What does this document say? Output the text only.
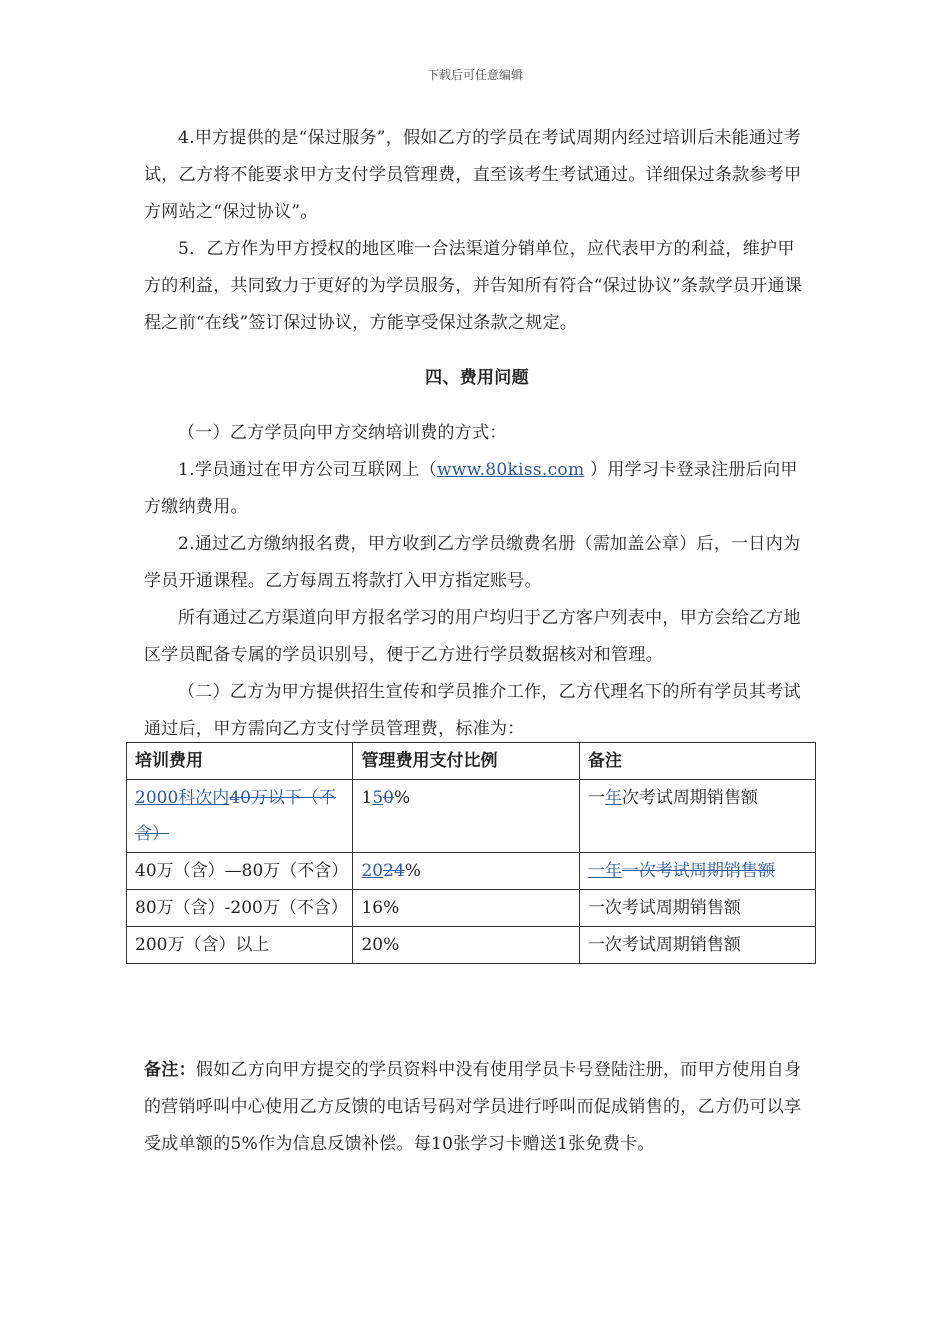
下载后可任意编辑

4.甲方提供的是“保过服务”，假如乙方的学员在考试周期内经过培训后未能通过考试，乙方将不能要求甲方支付学员管理费，直至该考生考试通过。详细保过条款参考甲方网站之“保过协议”。

5．乙方作为甲方授权的地区唯一合法渠道分销单位，应代表甲方的利益，维护甲方的利益，共同致力于更好的为学员服务，并告知所有符合“保过协议”条款学员开通课程之前“在线”签订保过协议，方能享受保过条款之规定。

四、费用问题

（一）乙方学员向甲方交纳培训费的方式：

1.学员通过在甲方公司互联网上（www.80kiss.com ）用学习卡登录注册后向甲方缴纳费用。

2.通过乙方缴纳报名费，甲方收到乙方学员缴费名册（需加盖公章）后，一日内为学员开通课程。乙方每周五将款打入甲方指定账号。

所有通过乙方渠道向甲方报名学习的用户均归于乙方客户列表中，甲方会给乙方地区学员配备专属的学员识别号，便于乙方进行学员数据核对和管理。

（二）乙方为甲方提供招生宣传和学员推介工作，乙方代理名下的所有学员其考试通过后，甲方需向乙方支付学员管理费，标准为：

培训费用	管理费用支付比例	备注
2000科次内40万以下（不含）	150%	一年次考试周期销售额
40万（含）—80万（不含）	2024%	一年一次考试周期销售额
80万（含）-200万（不含）	16%	一次考试周期销售额
200万（含）以上	20%	一次考试周期销售额
备注：假如乙方向甲方提交的学员资料中没有使用学员卡号登陆注册，而甲方使用自身的营销呼叫中心使用乙方反馈的电话号码对学员进行呼叫而促成销售的，乙方仍可以享受成单额的5%作为信息反馈补偿。每10张学习卡赠送1张免费卡。
